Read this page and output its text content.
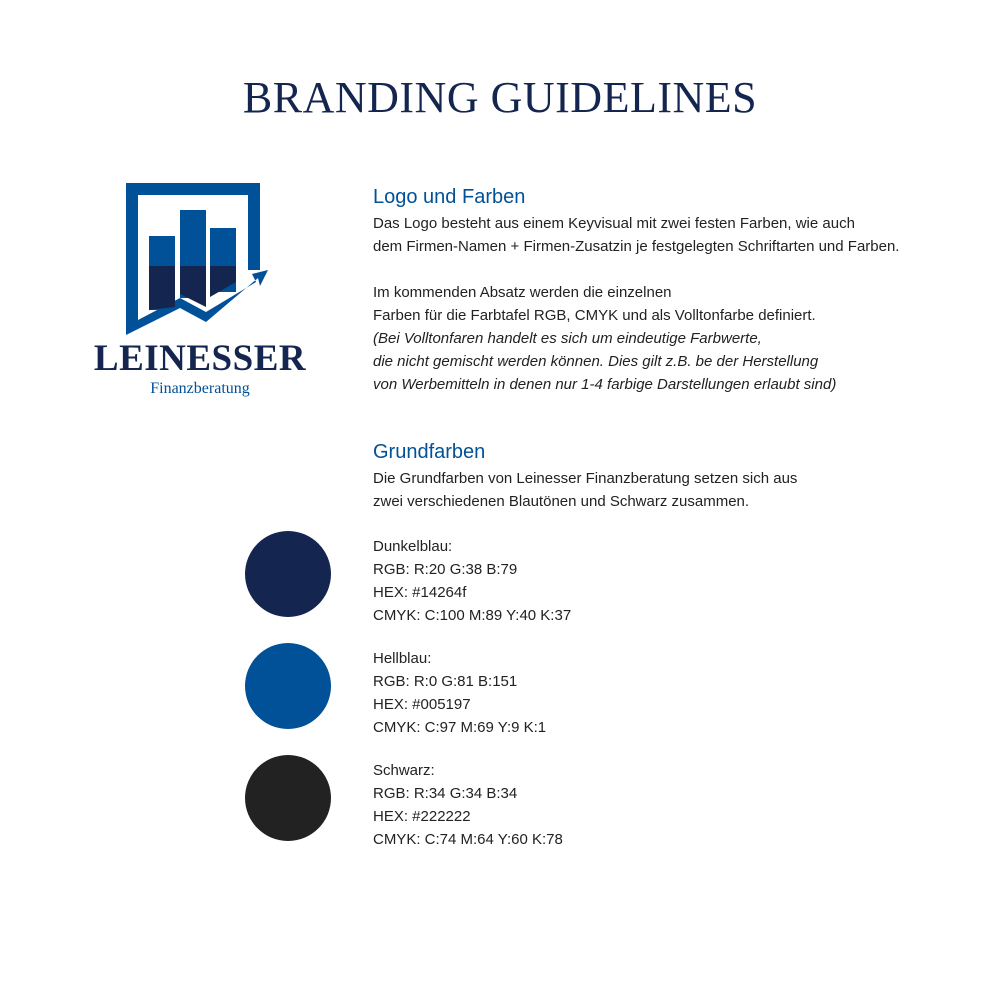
BRANDING GUIDELINES
LEINESSER
Finanzberatung
Logo und Farben
Das Logo besteht aus einem Keyvisual mit zwei festen Farben, wie auch
dem Firmen-Namen + Firmen-Zusatzin je festgelegten Schriftarten und Farben.
Im kommenden Absatz werden die einzelnen
Farben für die Farbtafel RGB, CMYK und als Volltonfarbe definiert.
(Bei Volltonfaren handelt es sich um eindeutige Farbwerte,
die nicht gemischt werden können. Dies gilt z.B. be der Herstellung
von Werbemitteln in denen nur 1-4 farbige Darstellungen erlaubt sind)
Grundfarben
Die Grundfarben von Leinesser Finanzberatung setzen sich aus
zwei verschiedenen Blautönen und Schwarz zusammen.
Dunkelblau:
RGB: R:20 G:38 B:79
HEX: #14264f
CMYK: C:100 M:89 Y:40 K:37
Hellblau:
RGB: R:0 G:81 B:151
HEX: #005197
CMYK: C:97 M:69 Y:9 K:1
Schwarz:
RGB: R:34 G:34 B:34
HEX: #222222
CMYK: C:74 M:64 Y:60 K:78
